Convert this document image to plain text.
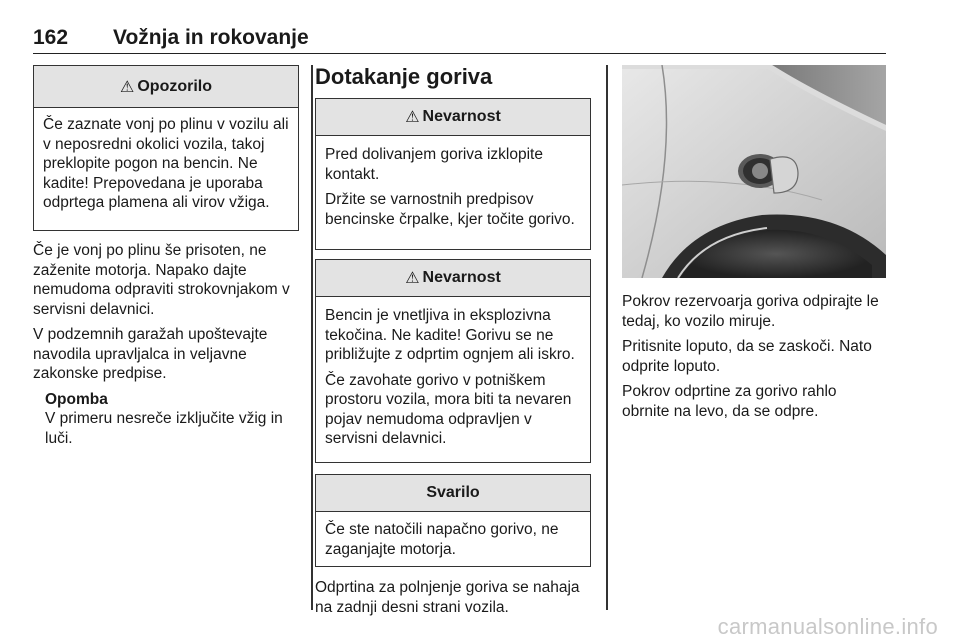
162 Vožnja in rokovanje
⚠ Opozorilo

Če zaznate vonj po plinu v vozilu ali v neposredni okolici vozila, takoj preklopite pogon na bencin. Ne kadite! Prepovedana je uporaba odprtega plamena ali virov vžiga.

Če je vonj po plinu še prisoten, ne zaženite motorja. Napako dajte nemudoma odpraviti strokovnjakom v servisni delavnici.

V podzemnih garažah upoštevajte navodila upravljalca in veljavne zakonske predpise.

Opomba
V primeru nesreče izključite vžig in luči.
Dotakanje goriva
⚠ Nevarnost

Pred dolivanjem goriva izklopite kontakt.

Držite se varnostnih predpisov bencinske črpalke, kjer točite gorivo.

⚠ Nevarnost

Bencin je vnetljiva in eksplozivna tekočina. Ne kadite! Gorivu se ne približujte z odprtim ognjem ali iskro.

Če zavohate gorivo v potniškem prostoru vozila, mora biti ta nevaren pojav nemudoma odpravljen v servisni delavnici.

Svarilo

Če ste natočili napačno gorivo, ne zaganjajte motorja.

Odprtina za polnjenje goriva se nahaja na zadnji desni strani vozila.

Pokrov rezervoarja goriva odpirajte le tedaj, ko vozilo miruje.

Pritisnite loputo, da se zaskoči. Nato odprite loputo.

Pokrov odprtine za gorivo rahlo obrnite na levo, da se odpre.

carmanualsonline.info
